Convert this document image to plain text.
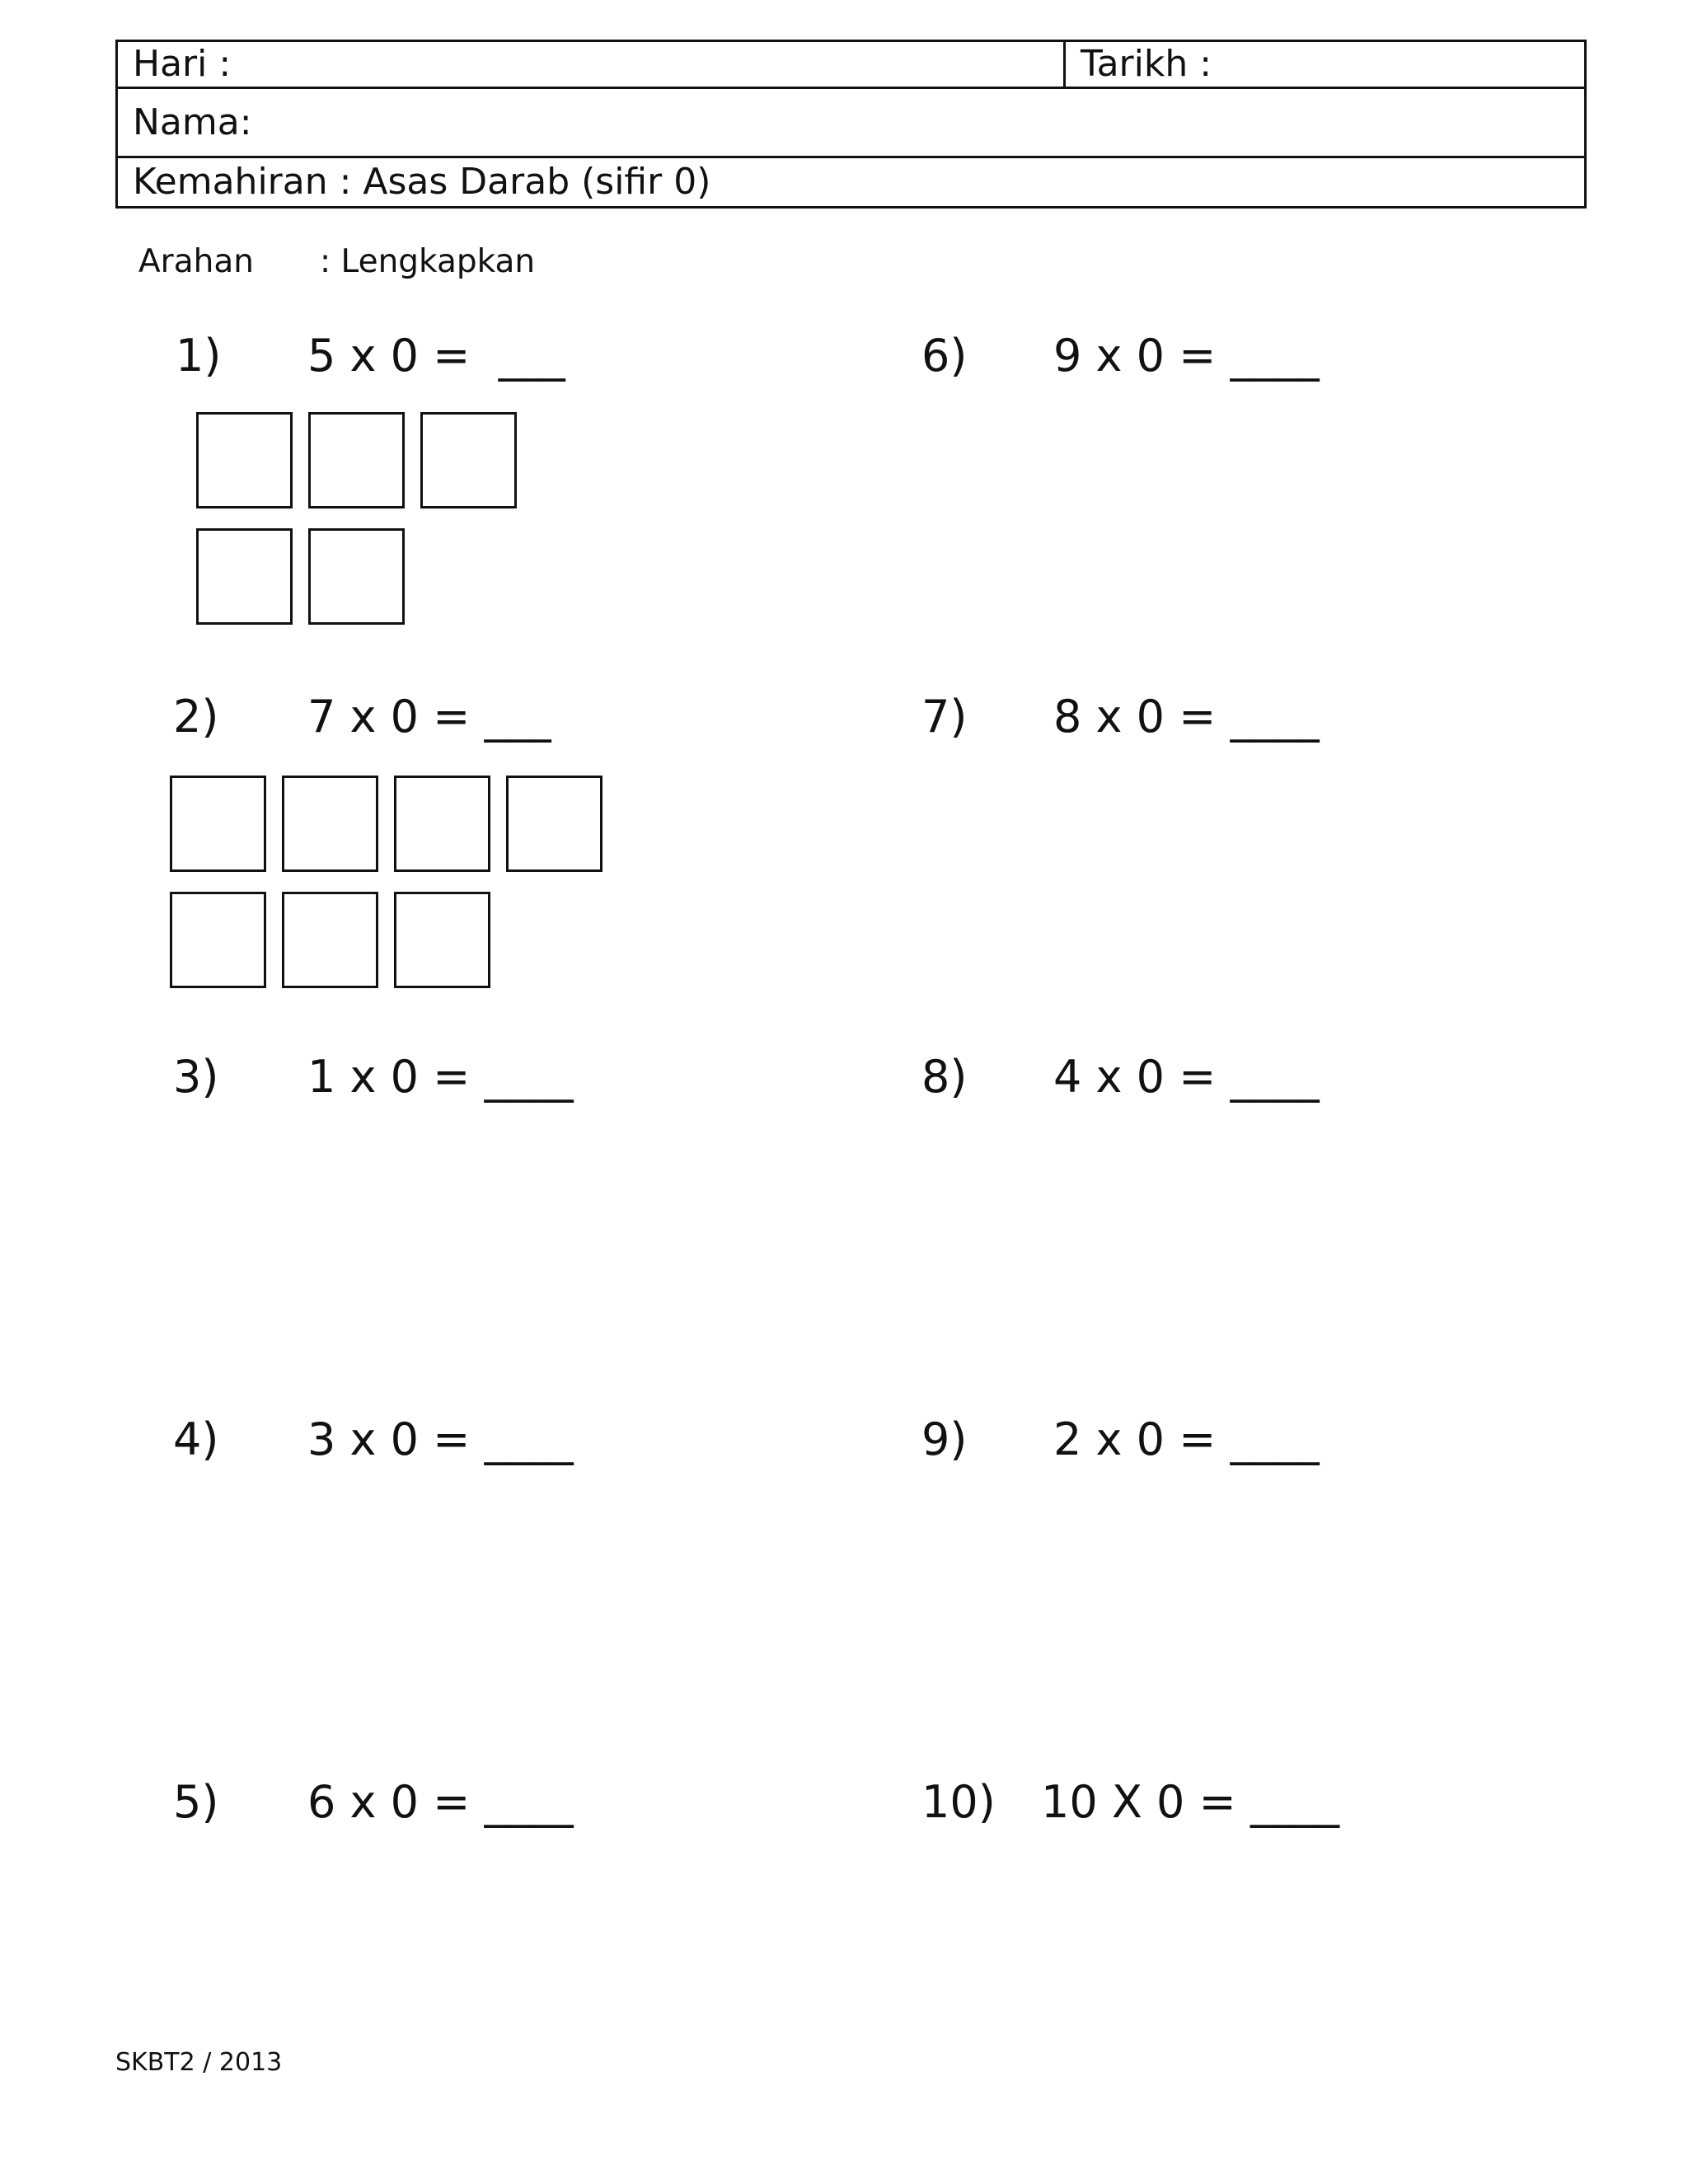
Hari :	Tarikh :
Nama:
Kemahiran : Asas Darab (sifir 0)
Arahan	: Lengkapkan

1)

5 x 0 =  ___

2)

7 x 0 = ___

3)

1 x 0 = ____

4)

3 x 0 = ____

5)

6 x 0 = ____

6)

9 x 0 = ____

7)

8 x 0 = ____

8)

4 x 0 = ____

9)

2 x 0 = ____

10)

10 X 0 = ____

SKBT2 / 2013
